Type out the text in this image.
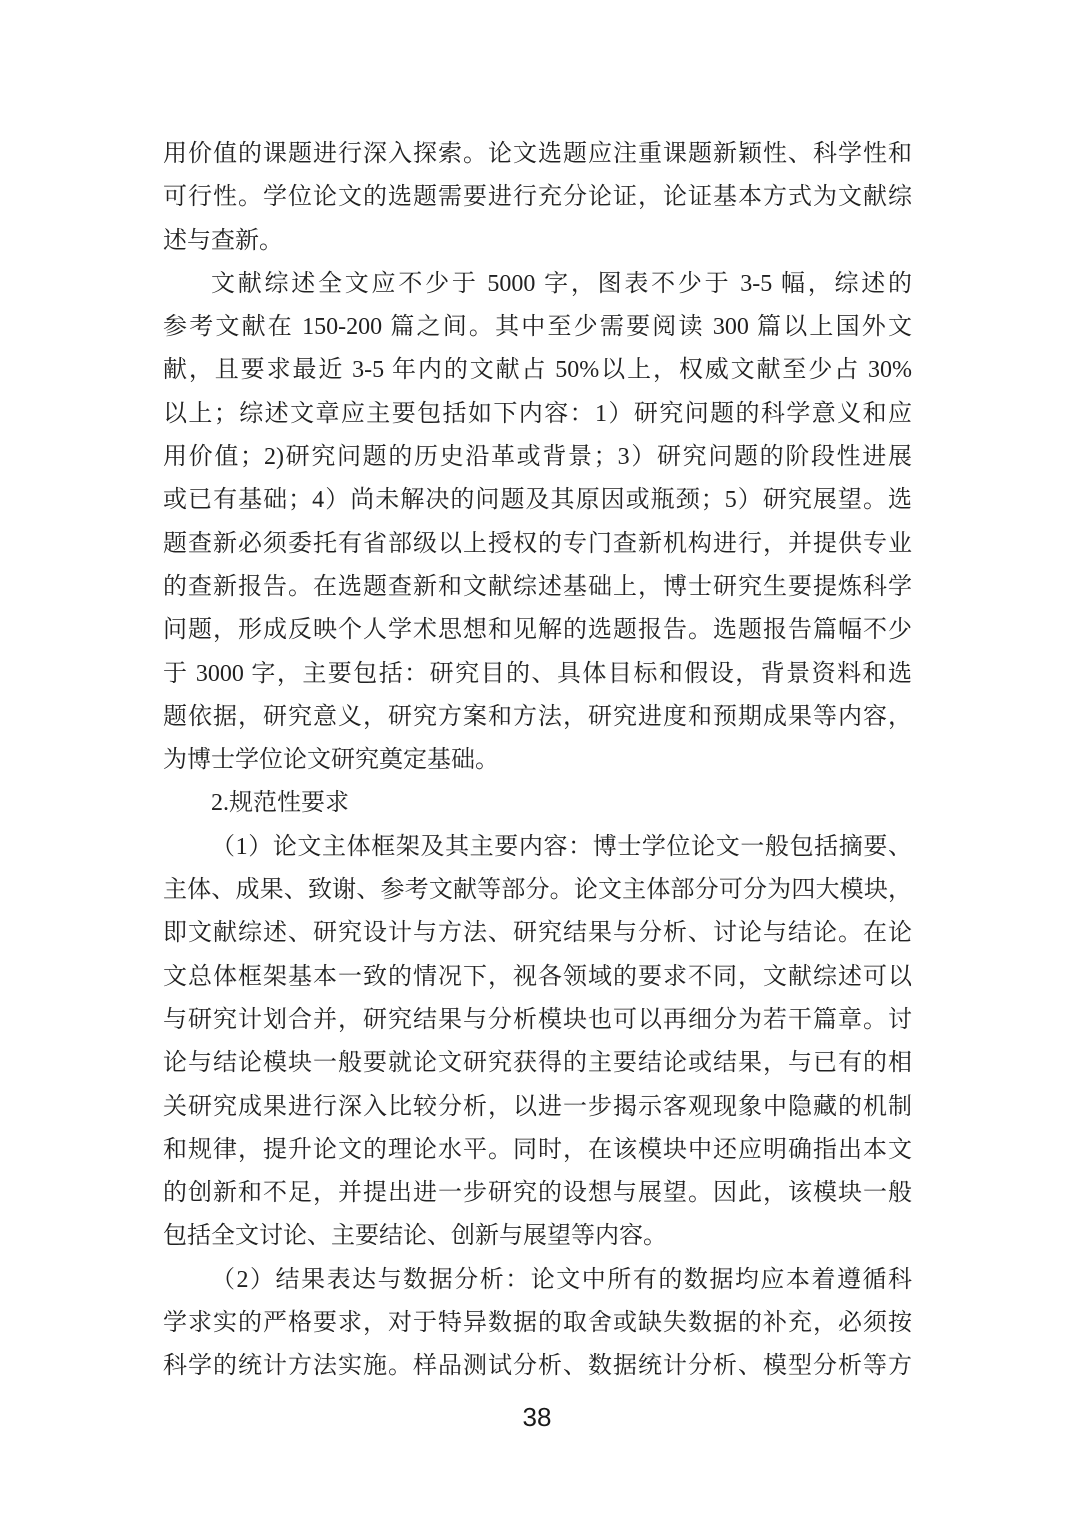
用价值的课题进行深入探索。论文选题应注重课题新颖性、科学性和
可行性。学位论文的选题需要进行充分论证，论证基本方式为文献综
述与查新。
文献综述全文应不少于 5000 字，图表不少于 3-5 幅，综述的
参考文献在 150-200 篇之间。其中至少需要阅读 300 篇以上国外文
献，且要求最近 3-5 年内的文献占 50%以上，权威文献至少占 30%
以上；综述文章应主要包括如下内容：1）研究问题的科学意义和应
用价值；2)研究问题的历史沿革或背景；3）研究问题的阶段性进展
或已有基础；4）尚未解决的问题及其原因或瓶颈；5）研究展望。选
题查新必须委托有省部级以上授权的专门查新机构进行，并提供专业
的查新报告。在选题查新和文献综述基础上，博士研究生要提炼科学
问题，形成反映个人学术思想和见解的选题报告。选题报告篇幅不少
于 3000 字，主要包括：研究目的、具体目标和假设，背景资料和选
题依据，研究意义，研究方案和方法，研究进度和预期成果等内容，
为博士学位论文研究奠定基础。
2.规范性要求
（1）论文主体框架及其主要内容：博士学位论文一般包括摘要、
主体、成果、致谢、参考文献等部分。论文主体部分可分为四大模块，
即文献综述、研究设计与方法、研究结果与分析、讨论与结论。在论
文总体框架基本一致的情况下，视各领域的要求不同，文献综述可以
与研究计划合并，研究结果与分析模块也可以再细分为若干篇章。讨
论与结论模块一般要就论文研究获得的主要结论或结果，与已有的相
关研究成果进行深入比较分析，以进一步揭示客观现象中隐藏的机制
和规律，提升论文的理论水平。同时，在该模块中还应明确指出本文
的创新和不足，并提出进一步研究的设想与展望。因此，该模块一般
包括全文讨论、主要结论、创新与展望等内容。
（2）结果表达与数据分析：论文中所有的数据均应本着遵循科
学求实的严格要求，对于特异数据的取舍或缺失数据的补充，必须按
科学的统计方法实施。样品测试分析、数据统计分析、模型分析等方
38
